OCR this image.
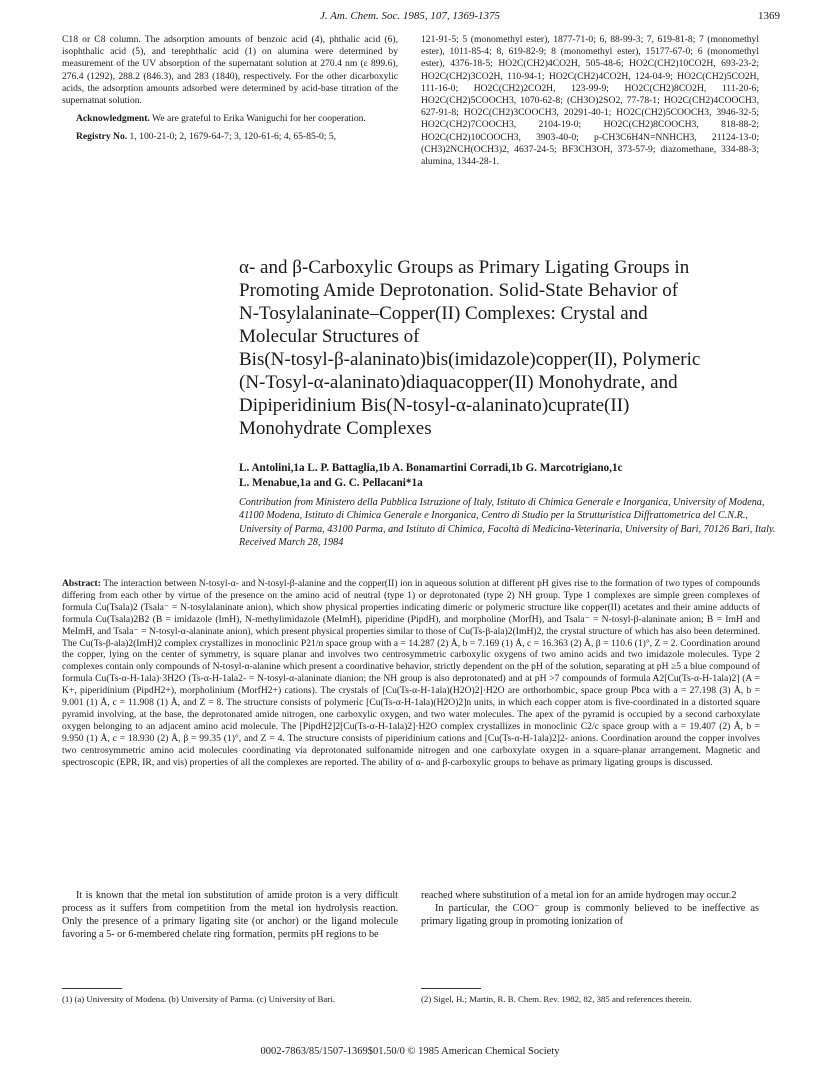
J. Am. Chem. Soc. 1985, 107, 1369-1375	1369

C18 or C8 column. The adsorption amounts of benzoic acid (4), phthalic acid (6), isophthalic acid (5), and terephthalic acid (1) on alumina were determined by measurement of the UV absorption of the supernatant solution at 270.4 nm (ε 899.6), 276.4 (1292), 288.2 (846.3), and 283 (1840), respectively. For the other dicarboxylic acids, the adsorption amounts adsorbed were determined by acid-base titration of the supernatnat solution.

Acknowledgment. We are grateful to Erika Waniguchi for her cooperation.

Registry No. 1, 100-21-0; 2, 1679-64-7; 3, 120-61-6; 4, 65-85-0; 5,

121-91-5; 5 (monomethyl ester), 1877-71-0; 6, 88-99-3; 7, 619-81-8; 7 (monomethyl ester), 1011-85-4; 8, 619-82-9; 8 (monomethyl ester), 15177-67-0; 6 (monomethyl ester), 4376-18-5; HO2C(CH2)4CO2H, 505-48-6; HO2C(CH2)10CO2H, 693-23-2; HO2C(CH2)3CO2H, 110-94-1; HO2C(CH2)4CO2H, 124-04-9; HO2C(CH2)5CO2H, 111-16-0; HO2C(CH2)2CO2H, 123-99-9; HO2C(CH2)8CO2H, 111-20-6; HO2C(CH2)5COOCH3, 1070-62-8; (CH3O)2SO2, 77-78-1; HO2C(CH2)4COOCH3, 627-91-8; HO2C(CH2)3COOCH3, 20291-40-1; HO2C(CH2)5COOCH3, 3946-32-5; HO2C(CH2)7COOCH3, 2104-19-0; HO2C(CH2)8COOCH3, 818-88-2; HO2C(CH2)10COOCH3, 3903-40-0; p-CH3C6H4N=NNHCH3, 21124-13-0; (CH3)2NCH(OCH3)2, 4637-24-5; BF3CH3OH, 373-57-9; diazomethane, 334-88-3; alumina, 1344-28-1.

α- and β-Carboxylic Groups as Primary Ligating Groups in
Promoting Amide Deprotonation. Solid-State Behavior of
N-Tosylalaninate–Copper(II) Complexes: Crystal and
Molecular Structures of
Bis(N-tosyl-β-alaninato)bis(imidazole)copper(II), Polymeric
(N-Tosyl-α-alaninato)diaquacopper(II) Monohydrate, and
Dipiperidinium Bis(N-tosyl-α-alaninato)cuprate(II)
Monohydrate Complexes
L. Antolini,1a L. P. Battaglia,1b A. Bonamartini Corradi,1b G. Marcotrigiano,1c
L. Menabue,1a and G. C. Pellacani*1a
Contribution from Ministero della Pubblica Istruzione of Italy, Istituto di Chimica Generale e Inorganica, University of Modena, 41100 Modena, Istituto di Chimica Generale e Inorganica, Centro di Studio per la Strutturistica Diffrattometrica del C.N.R., University of Parma, 43100 Parma, and Istituto di Chimica, Facoltà di Medicina-Veterinaria, University of Bari, 70126 Bari, Italy. Received March 28, 1984
Abstract: The interaction between N-tosyl-α- and N-tosyl-β-alanine and the copper(II) ion in aqueous solution at different pH gives rise to the formation of two types of compounds differing from each other by virtue of the presence on the amino acid of neutral (type 1) or deprotonated (type 2) NH group. Type 1 complexes are simple green complexes of formula Cu(Tsala)2 (Tsala⁻ = N-tosylalaninate anion), which show physical properties indicating dimeric or polymeric structure like copper(II) acetates and their amine adducts of formula Cu(Tsala)2B2 (B = imidazole (ImH), N-methylimidazole (MeImH), piperidine (PipdH), and morpholine (MorfH), and Tsala⁻ = N-tosyl-β-alaninate anion; B = ImH and MeImH, and Tsala⁻ = N-tosyl-α-alaninate anion), which present physical properties similar to those of Cu(Ts-β-ala)2(ImH)2, the crystal structure of which has also been determined. The Cu(Ts-β-ala)2(ImH)2 complex crystallizes in monoclinic P21/n space group with a = 14.287 (2) Å, b = 7.169 (1) Å, c = 16.363 (2) Å, β = 110.6 (1)°, Z = 2. Coordination around the copper, lying on the center of symmetry, is square planar and involves two centrosymmetric carboxylic oxygens of two amino acids and two imidazole molecules. Type 2 complexes contain only compounds of N-tosyl-α-alanine which present a coordinative behavior, strictly dependent on the pH of the solution, separating at pH ≥5 a blue compound of formula Cu(Ts-α-H-1ala)·3H2O (Ts-α-H-1ala2- = N-tosyl-α-alaninate dianion; the NH group is also deprotonated) and at pH >7 compounds of formula A2[Cu(Ts-α-H-1ala)2] (A = K+, piperidinium (PipdH2+), morpholinium (MorfH2+) cations). The crystals of [Cu(Ts-α-H-1ala)(H2O)2]·H2O are orthorhombic, space group Pbca with a = 27.198 (3) Å, b = 9.001 (1) Å, c = 11.908 (1) Å, and Z = 8. The structure consists of polymeric [Cu(Ts-α-H-1ala)(H2O)2]n units, in which each copper atom is five-coordinated in a distorted square pyramid involving, at the base, the deprotonated amide nitrogen, one carboxylic oxygen, and two water molecules. The apex of the pyramid is occupied by a second carboxylate oxygen belonging to an adjacent amino acid molecule. The [PipdH2]2[Cu(Ts-α-H-1ala)2]·H2O complex crystallizes in monoclinic C2/c space group with a = 19.407 (2) Å, b = 9.950 (1) Å, c = 18.930 (2) Å, β = 99.35 (1)°, and Z = 4. The structure consists of piperidinium cations and [Cu(Ts-α-H-1ala)2]2- anions. Coordination around the copper involves two centrosymmetric amino acid molecules coordinating via deprotonated sulfonamide nitrogen and one carboxylate oxygen in a square-planar arrangement. Magnetic and spectroscopic (EPR, IR, and vis) properties of all the complexes are reported. The ability of α- and β-carboxylic groups to behave as primary ligating groups is discussed.

It is known that the metal ion substitution of amide proton is a very difficult process as it suffers from competition from the metal ion hydrolysis reaction. Only the presence of a primary ligating site (or anchor) or the ligand molecule favoring a 5- or 6-membered chelate ring formation, permits pH regions to be

reached where substitution of a metal ion for an amide hydrogen may occur.2

In particular, the COO⁻ group is commonly believed to be ineffective as primary ligating group in promoting ionization of

(1) (a) University of Modena. (b) University of Parma. (c) University of Bari.	(2) Sigel, H.; Martin, R. B. Chem. Rev. 1982, 82, 385 and references therein.
0002-7863/85/1507-1369$01.50/0 © 1985 American Chemical Society
